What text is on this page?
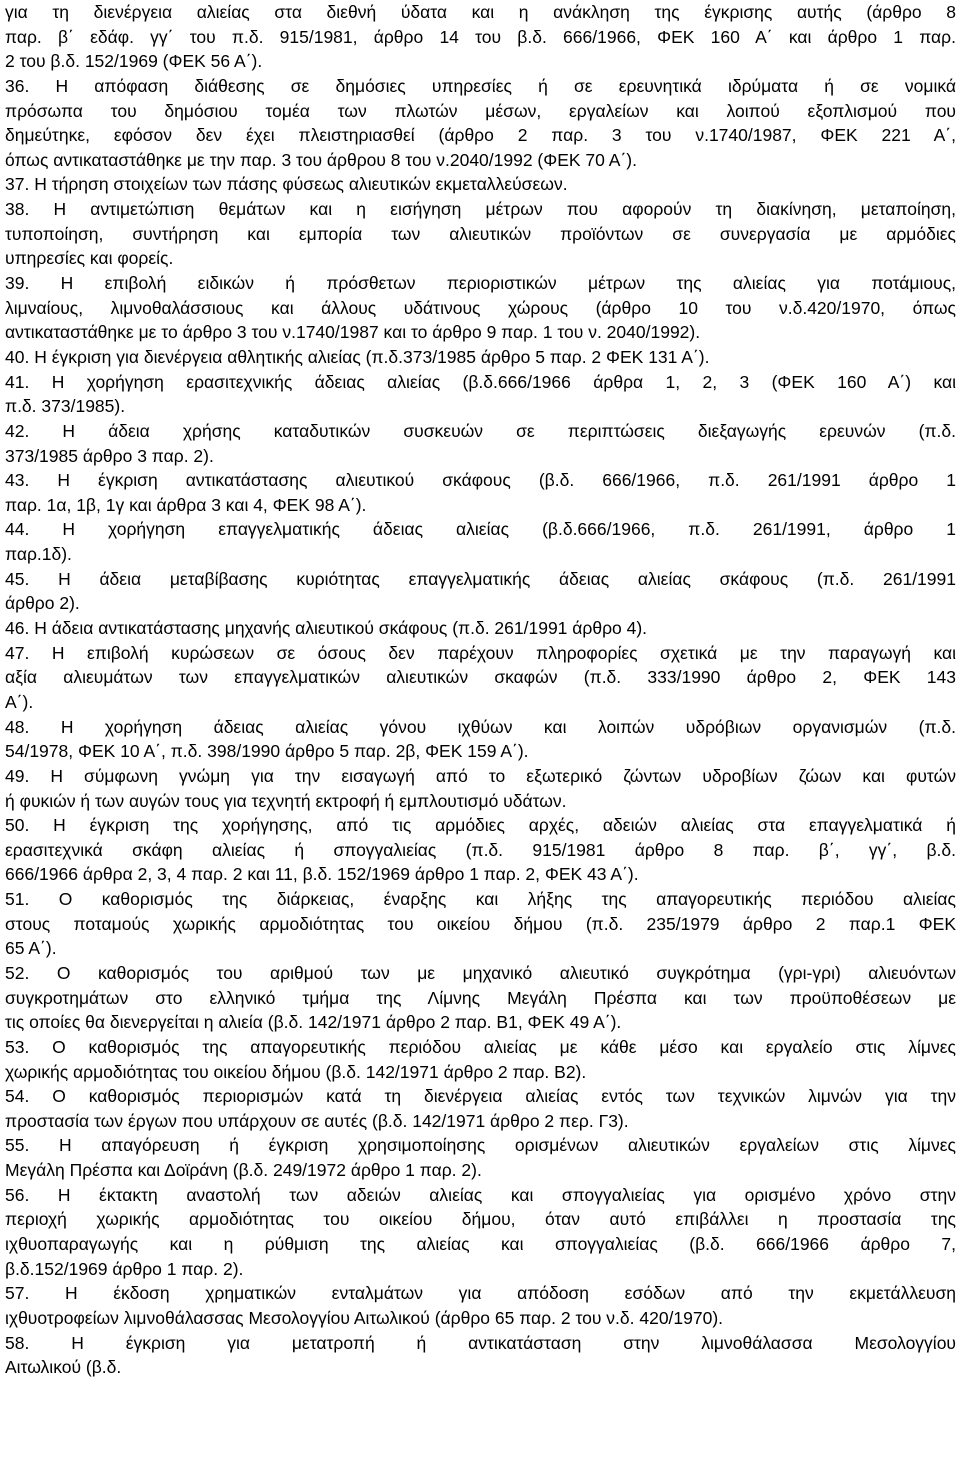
για τη διενέργεια αλιείας στα διεθνή ύδατα και η ανάκληση της έγκρισης αυτής (άρθρο 8
παρ. β΄ εδάφ. γγ΄ του π.δ. 915/1981, άρθρο 14 του β.δ. 666/1966, ΦΕΚ 160 Α΄ και άρθρο 1 παρ.
2 του β.δ. 152/1969 (ΦΕΚ 56 Α΄).
36. Η απόφαση διάθεσης σε δημόσιες υπηρεσίες ή σε ερευνητικά ιδρύματα ή σε νομικά
πρόσωπα του δημόσιου τομέα των πλωτών μέσων, εργαλείων και λοιπού εξοπλισμού που
δημεύτηκε, εφόσον δεν έχει πλειστηριασθεί (άρθρο 2 παρ. 3 του ν.1740/1987, ΦΕΚ 221 Α΄,
όπως αντικαταστάθηκε με την παρ. 3 του άρθρου 8 του ν.2040/1992 (ΦΕΚ 70 Α΄).
37. Η τήρηση στοιχείων των πάσης φύσεως αλιευτικών εκμεταλλεύσεων.
38. Η αντιμετώπιση θεμάτων και η εισήγηση μέτρων που αφορούν τη διακίνηση, μεταποίηση,
τυποποίηση, συντήρηση και εμπορία των αλιευτικών προϊόντων σε συνεργασία με αρμόδιες
υπηρεσίες και φορείς.
39. Η επιβολή ειδικών ή πρόσθετων περιοριστικών μέτρων της αλιείας για ποτάμιους,
λιμναίους, λιμνοθαλάσσιους και άλλους υδάτινους χώρους (άρθρο 10 του ν.δ.420/1970, όπως
αντικαταστάθηκε με το άρθρο 3 του ν.1740/1987 και το άρθρο 9 παρ. 1 του ν. 2040/1992).
40. Η έγκριση για διενέργεια αθλητικής αλιείας (π.δ.373/1985 άρθρο 5 παρ. 2 ΦΕΚ 131 Α΄).
41. Η χορήγηση ερασιτεχνικής άδειας αλιείας (β.δ.666/1966 άρθρα 1, 2, 3 (ΦΕΚ 160 Α΄) και
π.δ. 373/1985).
42. Η άδεια χρήσης καταδυτικών συσκευών σε περιπτώσεις διεξαγωγής ερευνών (π.δ.
373/1985 άρθρο 3 παρ. 2).
43. Η έγκριση αντικατάστασης αλιευτικού σκάφους (β.δ. 666/1966, π.δ. 261/1991 άρθρο 1
παρ. 1α, 1β, 1γ και άρθρα 3 και 4, ΦΕΚ 98 Α΄).
44. Η χορήγηση επαγγελματικής άδειας αλιείας (β.δ.666/1966, π.δ. 261/1991, άρθρο 1
παρ.1δ).
45. Η άδεια μεταβίβασης κυριότητας επαγγελματικής άδειας αλιείας σκάφους (π.δ. 261/1991
άρθρο 2).
46. Η άδεια αντικατάστασης μηχανής αλιευτικού σκάφους (π.δ. 261/1991 άρθρο 4).
47. Η επιβολή κυρώσεων σε όσους δεν παρέχουν πληροφορίες σχετικά με την παραγωγή και
αξία αλιευμάτων των επαγγελματικών αλιευτικών σκαφών (π.δ. 333/1990 άρθρο 2, ΦΕΚ 143
Α΄).
48. Η χορήγηση άδειας αλιείας γόνου ιχθύων και λοιπών υδρόβιων οργανισμών (π.δ.
54/1978, ΦΕΚ 10 Α΄, π.δ. 398/1990 άρθρο 5 παρ. 2β, ΦΕΚ 159 Α΄).
49. Η σύμφωνη γνώμη για την εισαγωγή από το εξωτερικό ζώντων υδροβίων ζώων και φυτών
ή φυκιών ή των αυγών τους για τεχνητή εκτροφή ή εμπλουτισμό υδάτων.
50. Η έγκριση της χορήγησης, από τις αρμόδιες αρχές, αδειών αλιείας στα επαγγελματικά ή
ερασιτεχνικά σκάφη αλιείας ή σπογγαλιείας (π.δ. 915/1981 άρθρο 8 παρ. β΄, γγ΄, β.δ.
666/1966 άρθρα 2, 3, 4 παρ. 2 και 11, β.δ. 152/1969 άρθρο 1 παρ. 2, ΦΕΚ 43 Α΄).
51. Ο καθορισμός της διάρκειας, έναρξης και λήξης της απαγορευτικής περιόδου αλιείας
στους ποταμούς χωρικής αρμοδιότητας του οικείου δήμου (π.δ. 235/1979 άρθρο 2 παρ.1 ΦΕΚ
65 Α΄).
52. Ο καθορισμός του αριθμού των με μηχανικό αλιευτικό συγκρότημα (γρι-γρι) αλιευόντων
συγκροτημάτων στο ελληνικό τμήμα της Λίμνης Μεγάλη Πρέσπα και των προϋποθέσεων με
τις οποίες θα διενεργείται η αλιεία (β.δ. 142/1971 άρθρο 2 παρ. Β1, ΦΕΚ 49 Α΄).
53. Ο καθορισμός της απαγορευτικής περιόδου αλιείας με κάθε μέσο και εργαλείο στις λίμνες
χωρικής αρμοδιότητας του οικείου δήμου (β.δ. 142/1971 άρθρο 2 παρ. Β2).
54. Ο καθορισμός περιορισμών κατά τη διενέργεια αλιείας εντός των τεχνικών λιμνών για την
προστασία των έργων που υπάρχουν σε αυτές (β.δ. 142/1971 άρθρο 2 περ. Γ3).
55. Η απαγόρευση ή έγκριση χρησιμοποίησης ορισμένων αλιευτικών εργαλείων στις λίμνες
Μεγάλη Πρέσπα και Δοϊράνη (β.δ. 249/1972 άρθρο 1 παρ. 2).
56. Η έκτακτη αναστολή των αδειών αλιείας και σπογγαλιείας για ορισμένο χρόνο στην
περιοχή χωρικής αρμοδιότητας του οικείου δήμου, όταν αυτό επιβάλλει η προστασία της
ιχθυοπαραγωγής και η ρύθμιση της αλιείας και σπογγαλιείας (β.δ. 666/1966 άρθρο 7,
β.δ.152/1969 άρθρο 1 παρ. 2).
57. Η έκδοση χρηματικών ενταλμάτων για απόδοση εσόδων από την εκμετάλλευση
ιχθυοτροφείων λιμνοθάλασσας Μεσολογγίου Αιτωλικού (άρθρο 65 παρ. 2 του ν.δ. 420/1970).
58. Η έγκριση για μετατροπή ή αντικατάσταση στην λιμνοθάλασσα Μεσολογγίου
Αιτωλικού (β.δ.
